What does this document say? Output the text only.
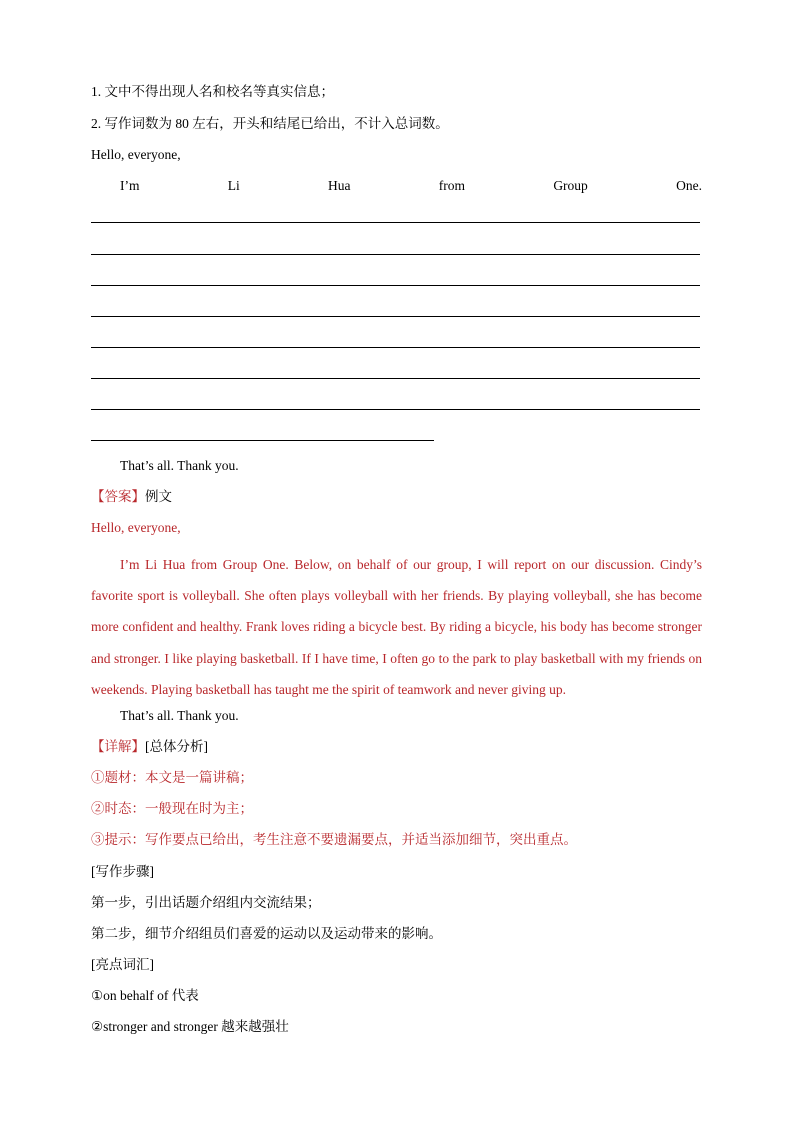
1. 文中不得出现人名和校名等真实信息；
2. 写作词数为 80 左右，开头和结尾已给出，不计入总词数。
Hello, everyone,
I’m	Li	Hua	from	Group	One.
That’s all. Thank you.
【答案】例文
Hello, everyone,

I’m Li Hua from Group One. Below, on behalf of our group, I will report on our discussion. Cindy’s favorite sport is volleyball. She often plays volleyball with her friends. By playing volleyball, she has become more confident and healthy. Frank loves riding a bicycle best. By riding a bicycle, his body has become stronger and stronger. I like playing basketball. If I have time, I often go to the park to play basketball with my friends on weekends. Playing basketball has taught me the spirit of teamwork and never giving up.

That’s all. Thank you.
【详解】[总体分析]
①题材：本文是一篇讲稿；
②时态：一般现在时为主；
③提示：写作要点已给出，考生注意不要遗漏要点，并适当添加细节，突出重点。
[写作步骤]
第一步，引出话题介绍组内交流结果；
第二步，细节介绍组员们喜爱的运动以及运动带来的影响。
[亮点词汇]
①on behalf of 代表
②stronger and stronger 越来越强壮
